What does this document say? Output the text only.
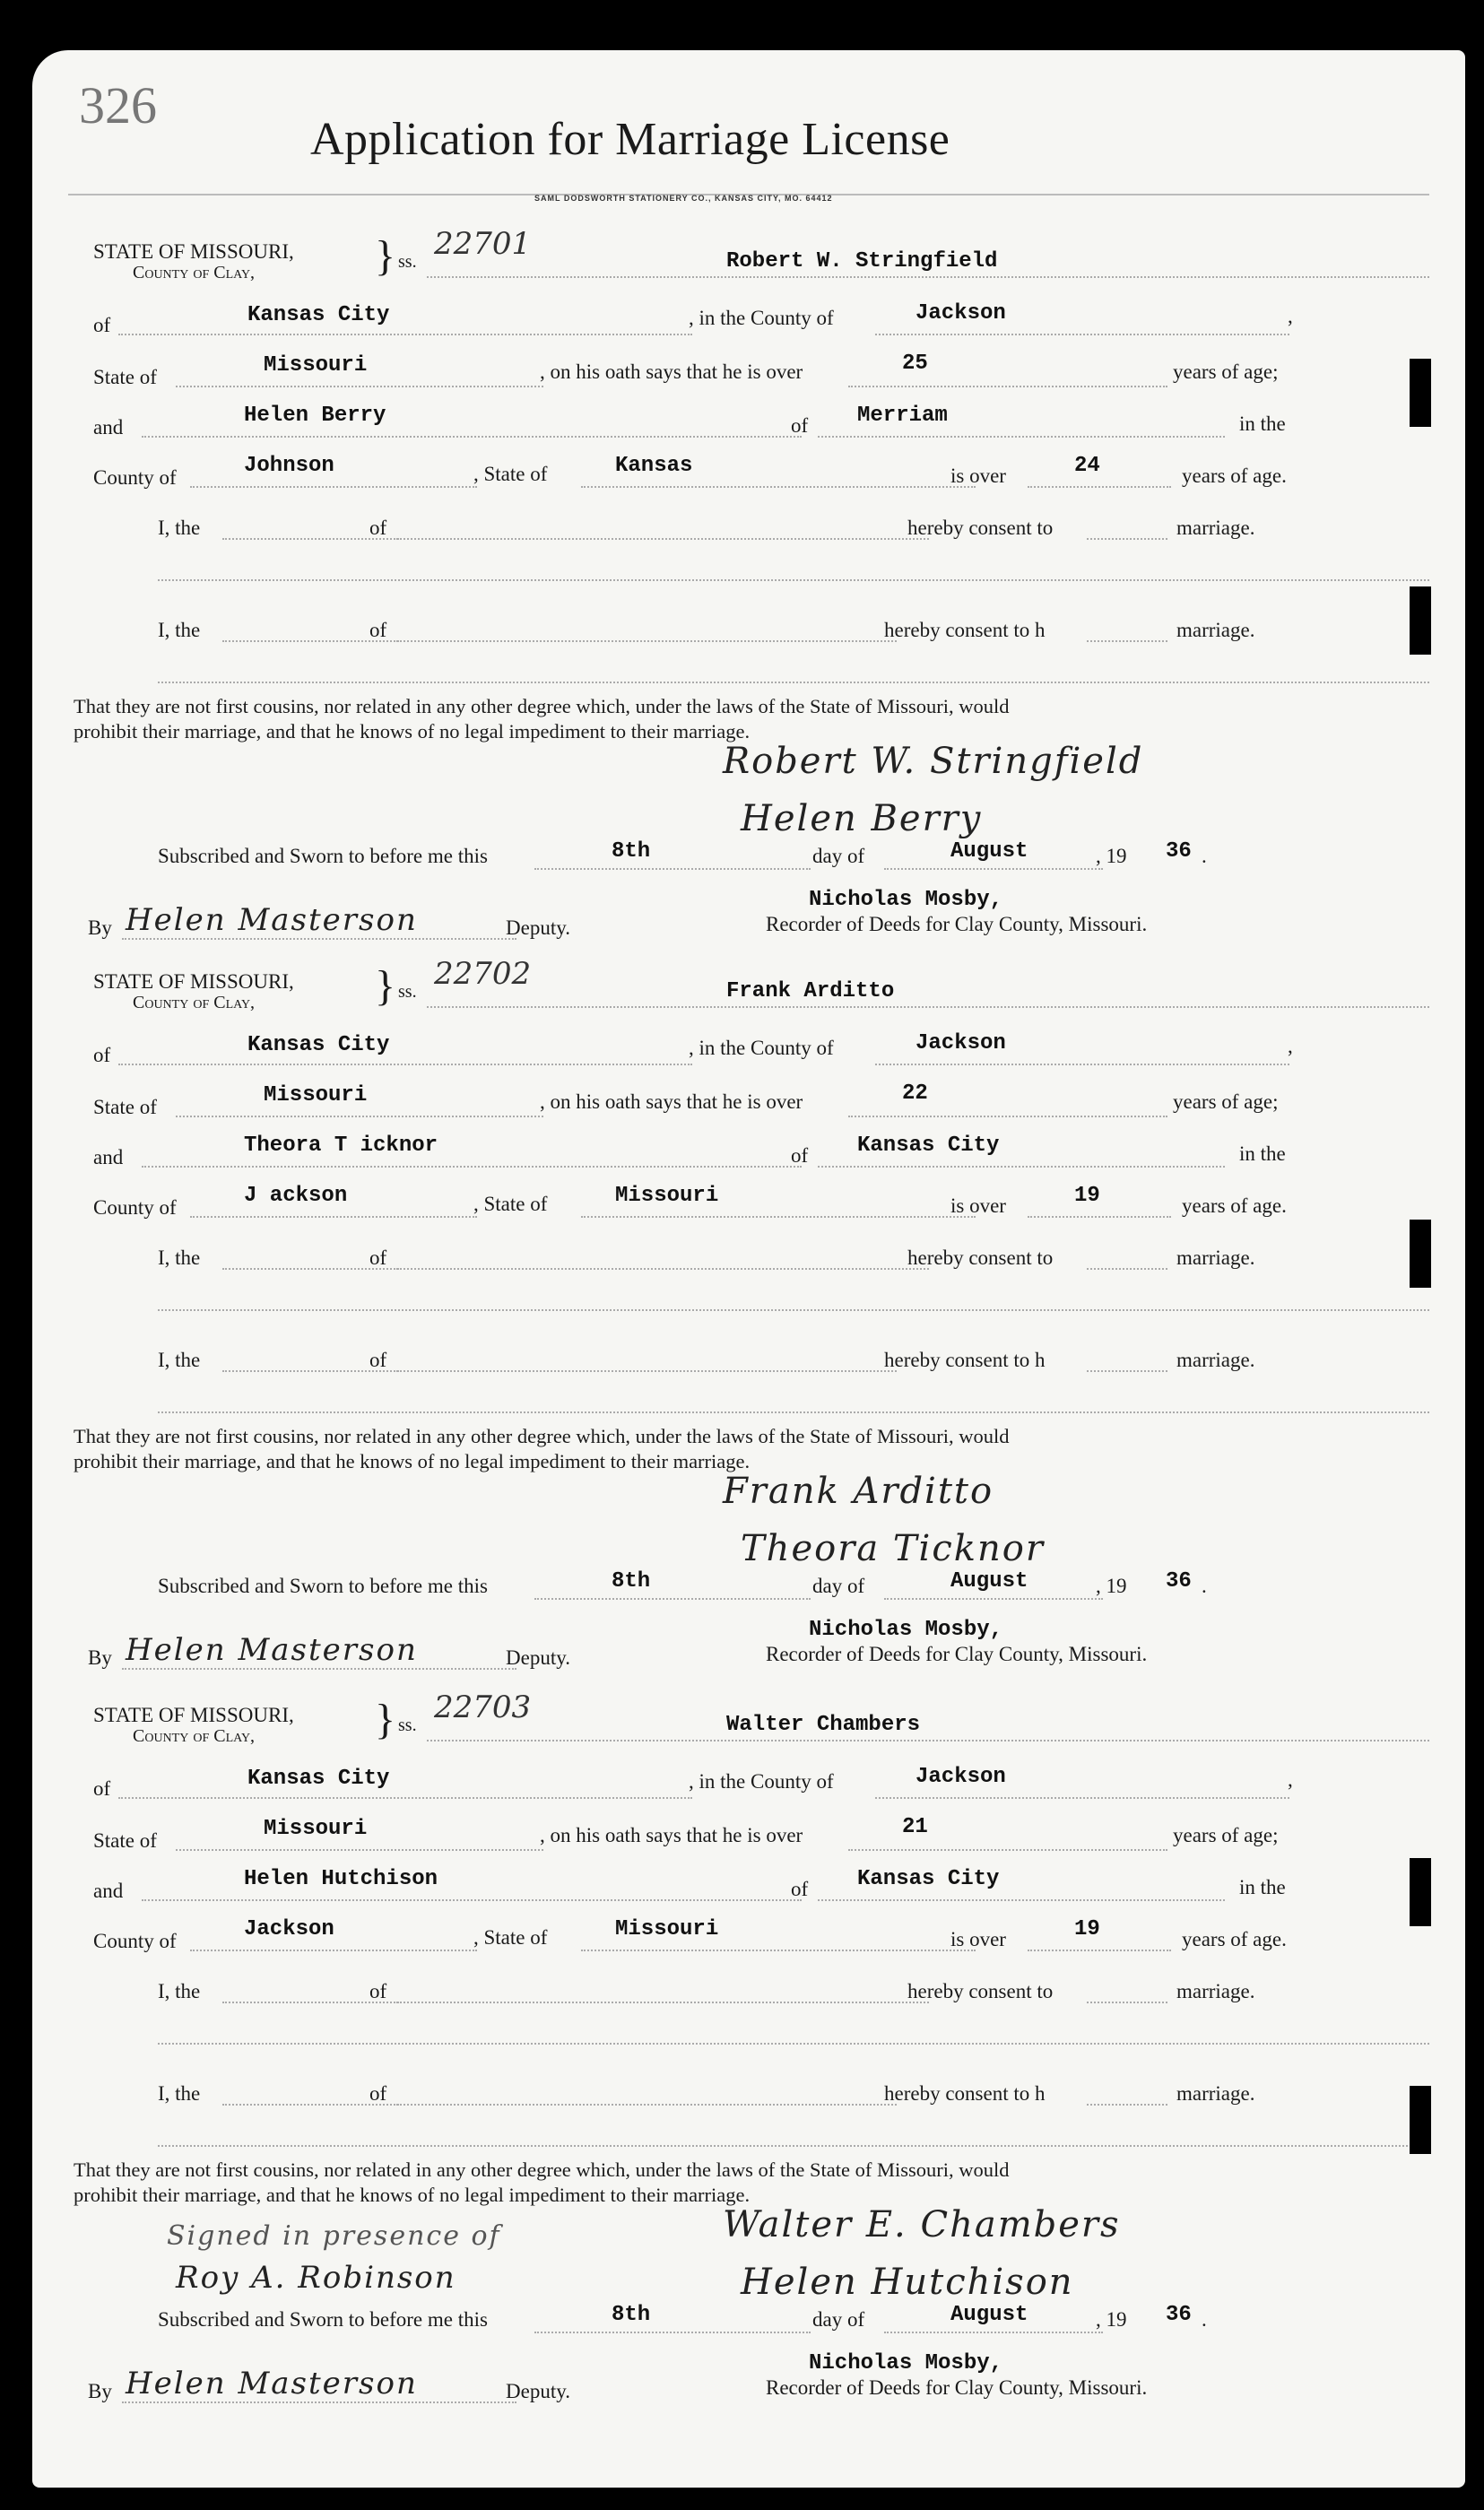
326
Application for Marriage License
SAML DODSWORTH STATIONERY CO., KANSAS CITY, MO. 64412
STATE OF MISSOURI,
County of Clay,	} ss. 22701	Robert W. Stringfield
of	Kansas City	, in the County of	Jackson	,
State of	Missouri	, on his oath says that he is over	25	years of age;
and	Helen Berry	of Merriam	in the
County of	Johnson	, State of	Kansas	is over	24	years of age.
I, the	of	hereby consent to	marriage.
I, the	of	hereby consent to h	marriage.
That they are not first cousins, nor related in any other degree which, under the laws of the State of Missouri, would
prohibit their marriage, and that he knows of no legal impediment to their marriage.
Robert W. Stringfield
Helen Berry
Subscribed and Sworn to before me this	8th	day of	August	, 19 36 .
Nicholas Mosby,
By Helen Masterson	Deputy.	Recorder of Deeds for Clay County, Missouri.
STATE OF MISSOURI,
County of Clay,	} ss. 22702	Frank Arditto
of	Kansas City	, in the County of	Jackson	,
State of	Missouri	, on his oath says that he is over	22	years of age;
and	Theora T icknor	of Kansas City	in the
County of	J ackson	, State of	Missouri	is over	19	years of age.
I, the	of	hereby consent to	marriage.
I, the	of	hereby consent to h	marriage.
That they are not first cousins, nor related in any other degree which, under the laws of the State of Missouri, would
prohibit their marriage, and that he knows of no legal impediment to their marriage.
Frank Arditto
Theora Ticknor
Subscribed and Sworn to before me this	8th	day of	August	, 19 36 .
Nicholas Mosby,
By Helen Masterson	Deputy.	Recorder of Deeds for Clay County, Missouri.
STATE OF MISSOURI,
County of Clay,	} ss. 22703	Walter Chambers
of	Kansas City	, in the County of	Jackson	,
State of	Missouri	, on his oath says that he is over	21	years of age;
and	Helen Hutchison	of Kansas City	in the
County of	Jackson	, State of	Missouri	is over	19	years of age.
I, the	of	hereby consent to	marriage.
I, the	of	hereby consent to h	marriage.
That they are not first cousins, nor related in any other degree which, under the laws of the State of Missouri, would
prohibit their marriage, and that he knows of no legal impediment to their marriage.
Walter E. Chambers
Helen Hutchison
Subscribed and Sworn to before me this	8th	day of	August	, 19 36 .
Nicholas Mosby,
By Helen Masterson	Deputy.	Recorder of Deeds for Clay County, Missouri.
Signed in presence of
Roy A. Robinson
